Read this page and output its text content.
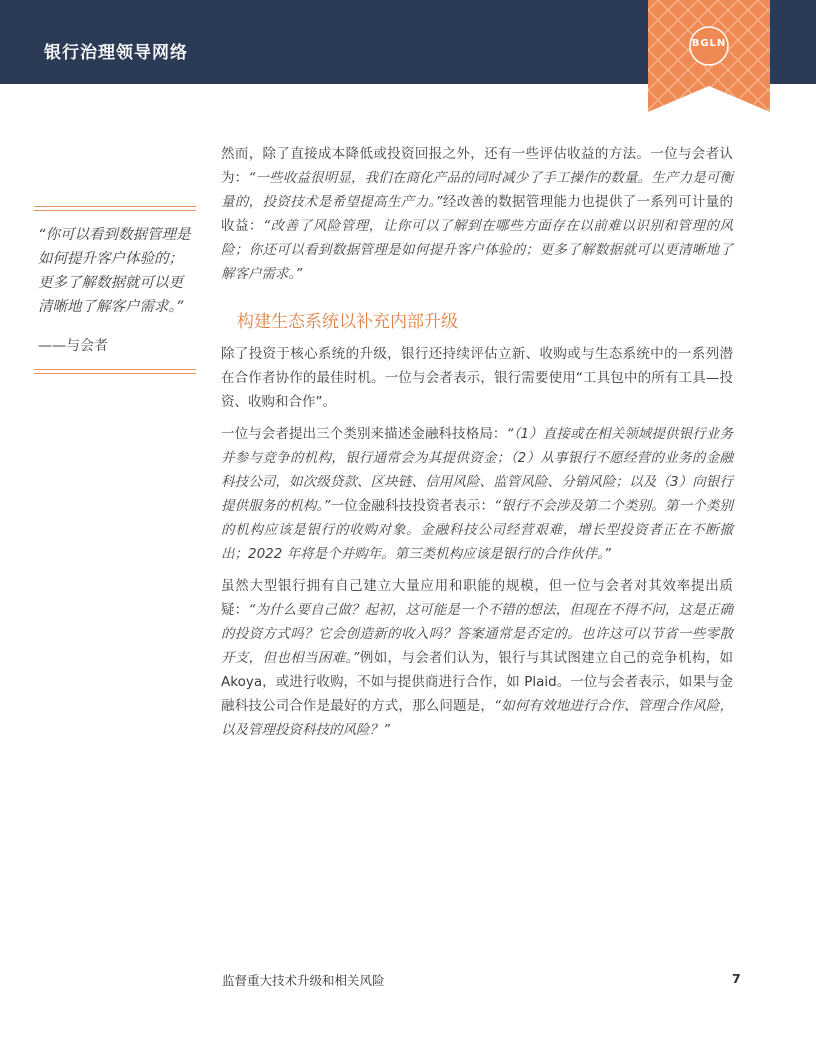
银行治理领导网络	BGLN
“你可以看到数据管理是如何提升客户体验的；更多了解数据就可以更清晰地了解客户需求。”
——与会者

然而，除了直接成本降低或投资回报之外，还有一些评估收益的方法。一位与会者认为：“一些收益很明显，我们在商化产品的同时减少了手工操作的数量。生产力是可衡量的，投资技术是希望提高生产力。”经改善的数据管理能力也提供了一系列可计量的收益：“改善了风险管理，让你可以了解到在哪些方面存在以前难以识别和管理的风险；你还可以看到数据管理是如何提升客户体验的；更多了解数据就可以更清晰地了解客户需求。”

构建生态系统以补充内部升级

除了投资于核心系统的升级，银行还持续评估立新、收购或与生态系统中的一系列潜在合作者协作的最佳时机。一位与会者表示，银行需要使用“工具包中的所有工具—投资、收购和合作”。

一位与会者提出三个类别来描述金融科技格局：“（1）直接或在相关领域提供银行业务并参与竞争的机构，银行通常会为其提供资金；（2）从事银行不愿经营的业务的金融科技公司，如次级贷款、区块链、信用风险、监管风险、分销风险；以及（3）向银行提供服务的机构。”一位金融科技投资者表示：“银行不会涉及第二个类别。第一个类别的机构应该是银行的收购对象。金融科技公司经营艰难，增长型投资者正在不断撤出；2022 年将是个并购年。第三类机构应该是银行的合作伙伴。”

虽然大型银行拥有自己建立大量应用和职能的规模，但一位与会者对其效率提出质疑：“为什么要自己做？起初，这可能是一个不错的想法，但现在不得不问，这是正确的投资方式吗？它会创造新的收入吗？答案通常是否定的。也许这可以节省一些零散开支，但也相当困难。”例如，与会者们认为，银行与其试图建立自己的竞争机构，如 Akoya，或进行收购，不如与提供商进行合作，如 Plaid。一位与会者表示，如果与金融科技公司合作是最好的方式，那么问题是，“如何有效地进行合作、管理合作风险，以及管理投资科技的风险？”

监督重大技术升级和相关风险	7
